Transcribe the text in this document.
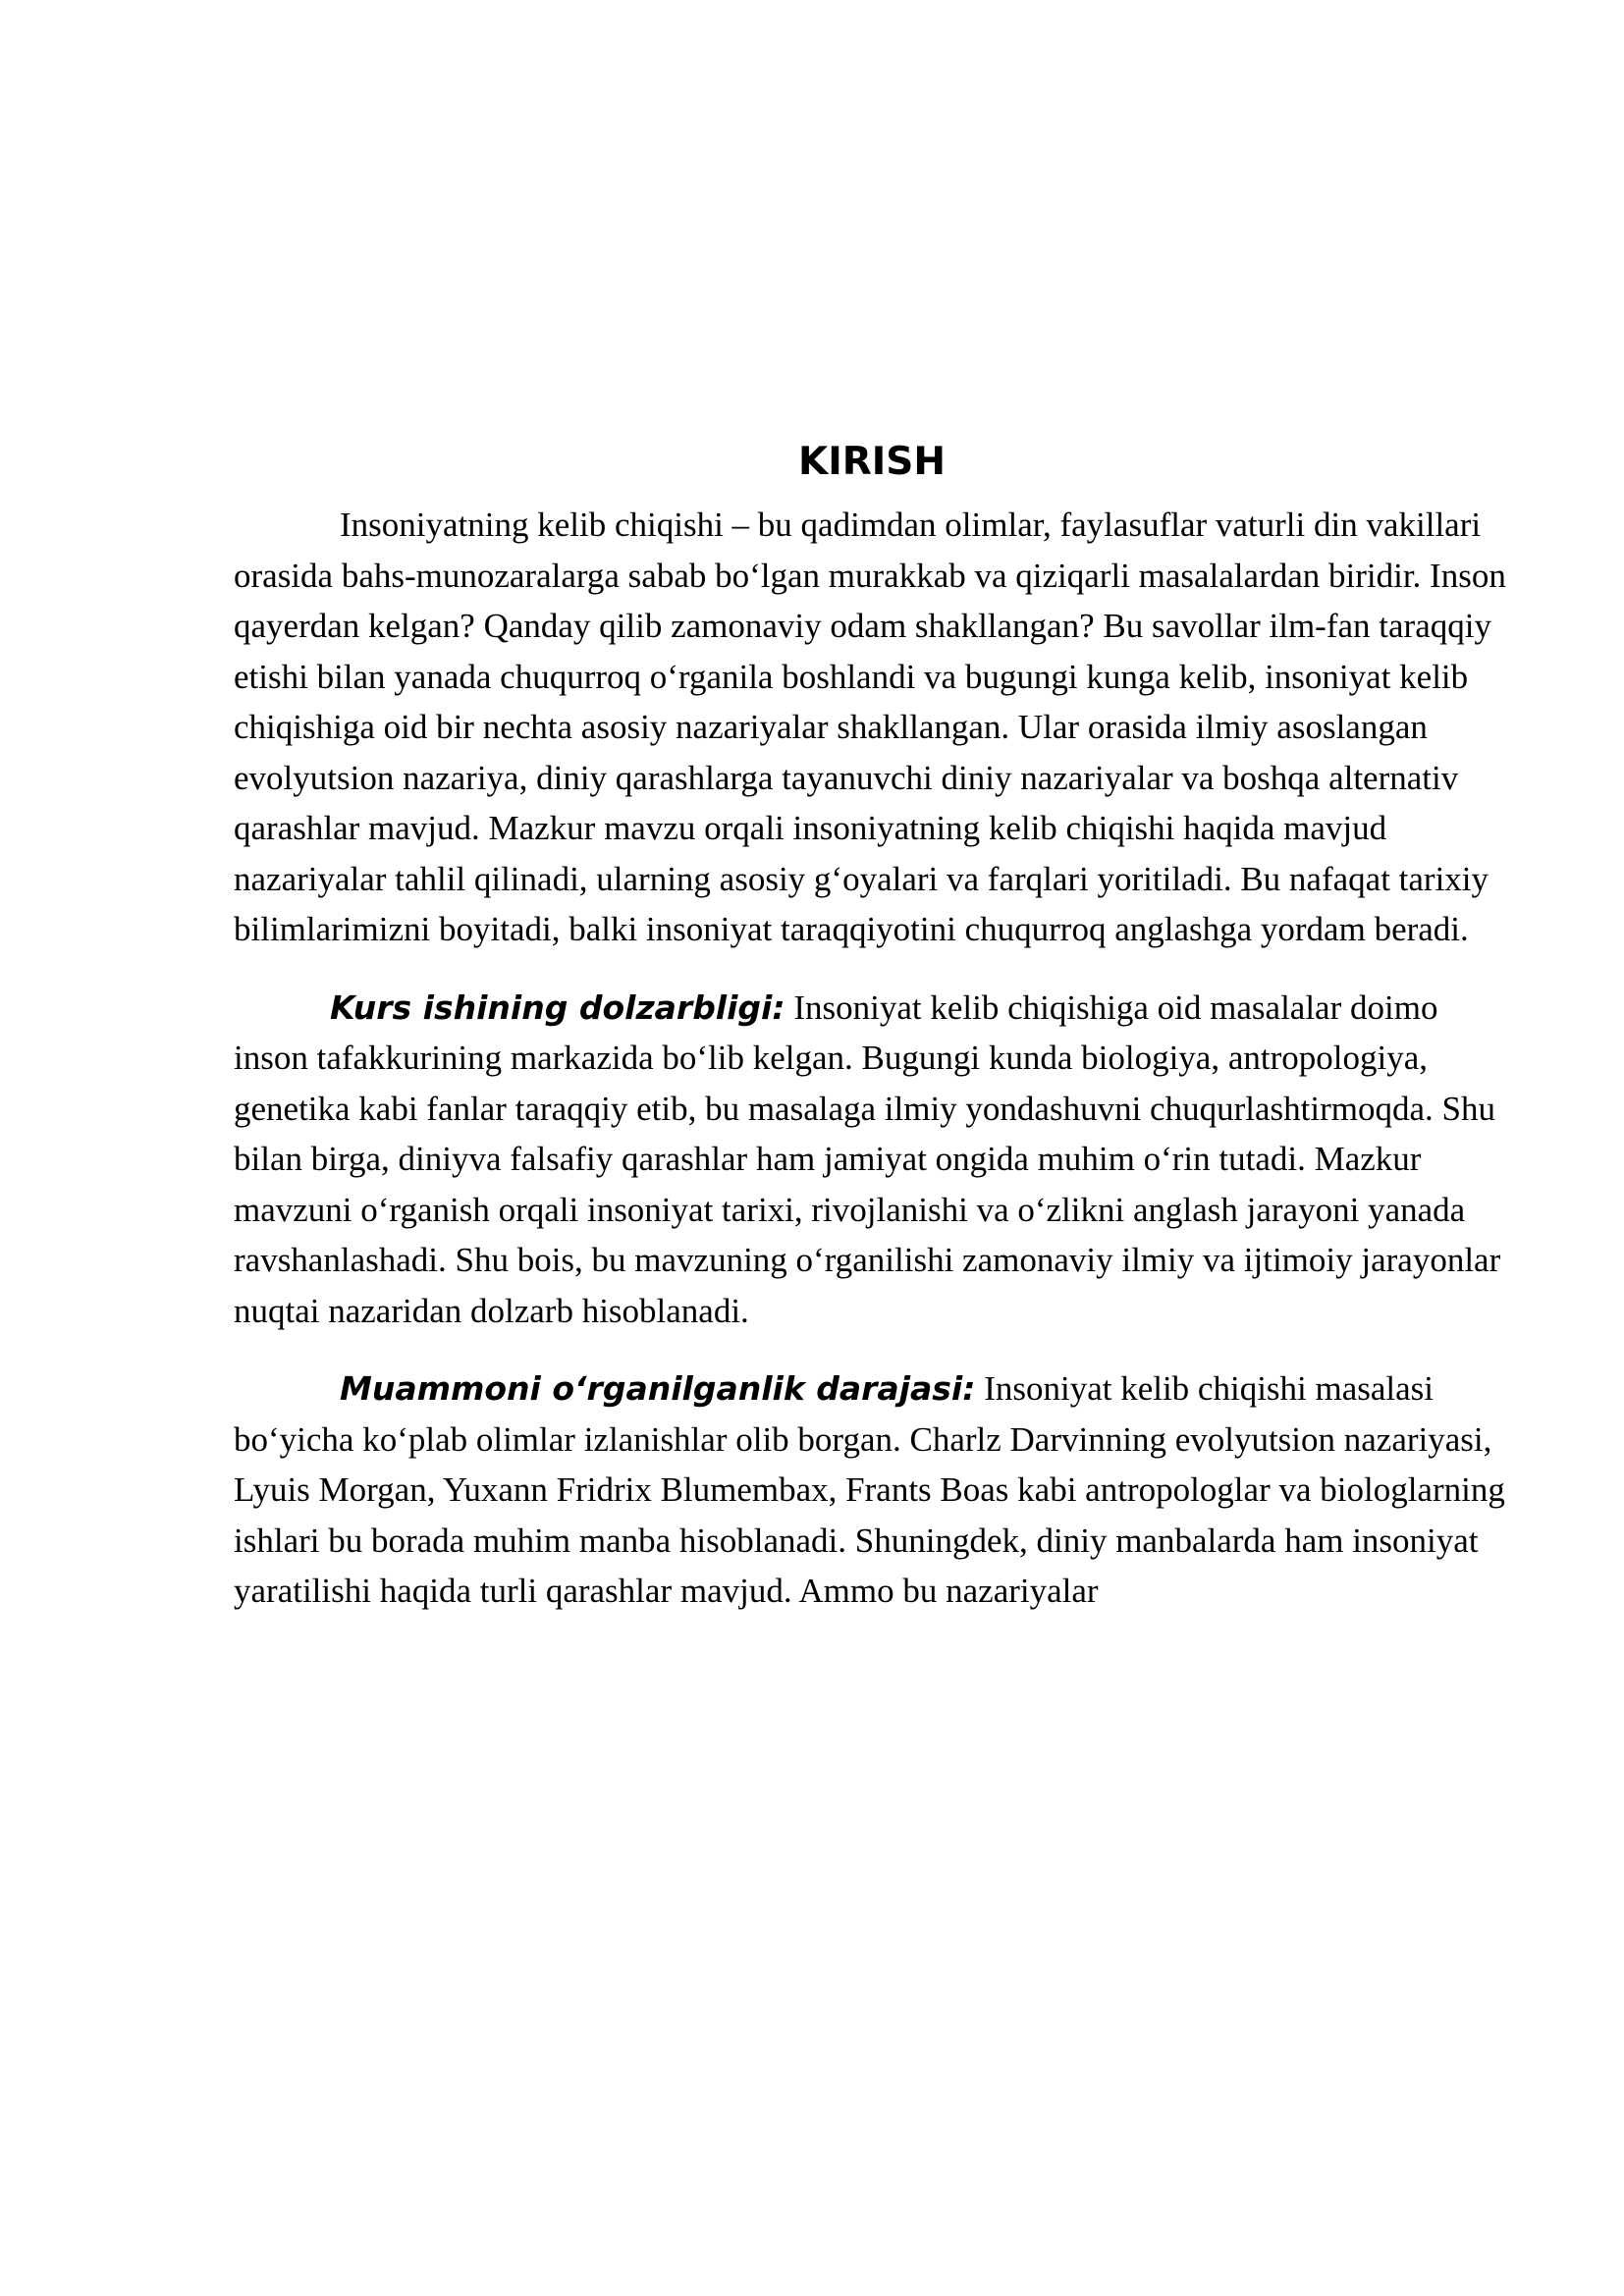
KIRISH

Insoniyatning kelib chiqishi – bu qadimdan olimlar, faylasuflar vaturli din vakillari orasida bahs-munozaralarga sabab bo‘lgan murakkab va qiziqarli masalalardan biridir. Inson qayerdan kelgan? Qanday qilib zamonaviy odam shakllangan? Bu savollar ilm-fan taraqqiy etishi bilan yanada chuqurroq o‘rganila boshlandi va bugungi kunga kelib, insoniyat kelib chiqishiga oid bir nechta asosiy nazariyalar shakllangan. Ular orasida ilmiy asoslangan evolyutsion nazariya, diniy qarashlarga tayanuvchi diniy nazariyalar va boshqa alternativ qarashlar mavjud. Mazkur mavzu orqali insoniyatning kelib chiqishi haqida mavjud nazariyalar tahlil qilinadi, ularning asosiy g‘oyalari va farqlari yoritiladi. Bu nafaqat tarixiy bilimlarimizni boyitadi, balki insoniyat taraqqiyotini chuqurroq anglashga yordam beradi.

Kurs ishining dolzarbligi: Insoniyat kelib chiqishiga oid masalalar doimo inson tafakkurining markazida bo‘lib kelgan. Bugungi kunda biologiya, antropologiya, genetika kabi fanlar taraqqiy etib, bu masalaga ilmiy yondashuvni chuqurlashtirmoqda. Shu bilan birga, diniyva falsafiy qarashlar ham jamiyat ongida muhim o‘rin tutadi. Mazkur mavzuni o‘rganish orqali insoniyat tarixi, rivojlanishi va o‘zlikni anglash jarayoni yanada ravshanlashadi. Shu bois, bu mavzuning o‘rganilishi zamonaviy ilmiy va ijtimoiy jarayonlar nuqtai nazaridan dolzarb hisoblanadi.

Muammoni o‘rganilganlik darajasi: Insoniyat kelib chiqishi masalasi bo‘yicha ko‘plab olimlar izlanishlar olib borgan. Charlz Darvinning evolyutsion nazariyasi, Lyuis Morgan, Yuxann Fridrix Blumembax, Frants Boas kabi antropologlar va biologlarning ishlari bu borada muhim manba hisoblanadi. Shuningdek, diniy manbalarda ham insoniyat yaratilishi haqida turli qarashlar mavjud. Ammo bu nazariyalar
